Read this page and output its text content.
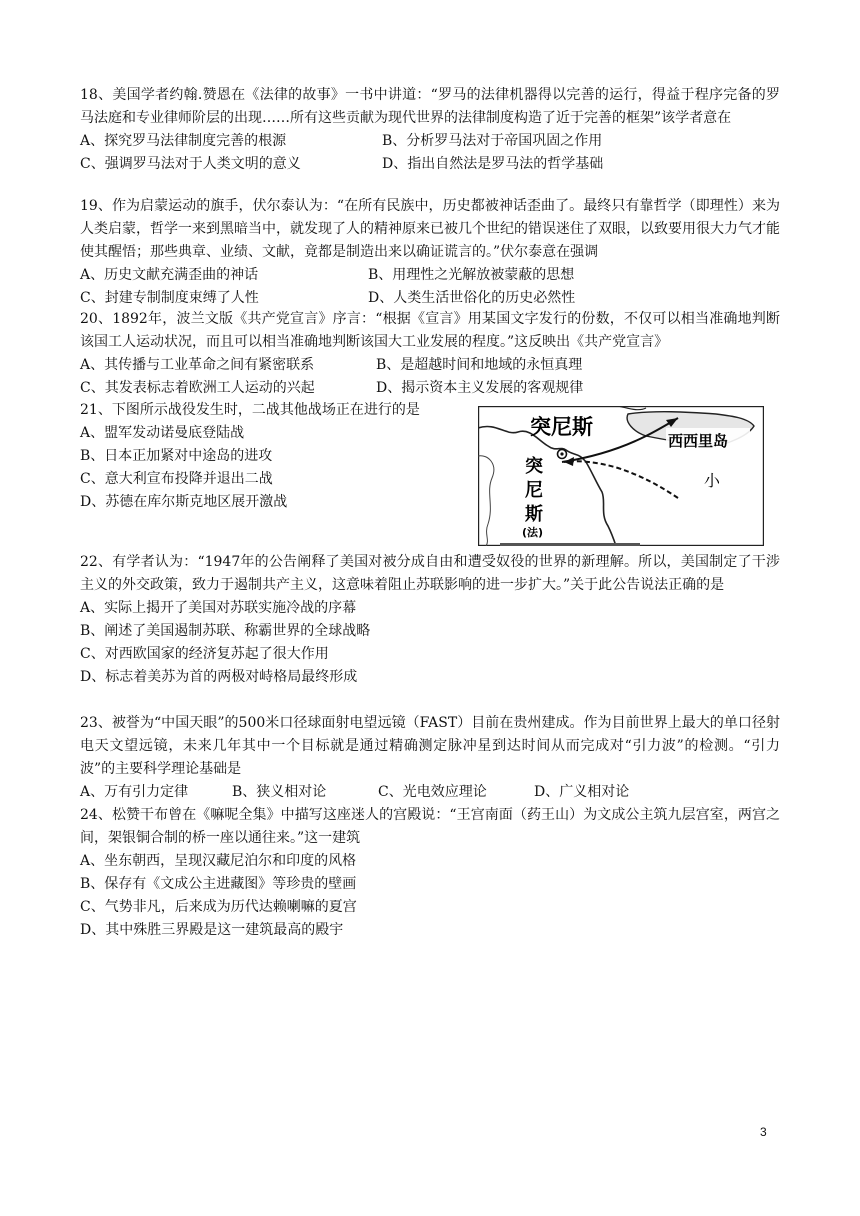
18、美国学者约翰.赞恩在《法律的故事》一书中讲道：“罗马的法律机器得以完善的运行，得益于程序完备的罗马法庭和专业律师阶层的出现……所有这些贡献为现代世界的法律制度构造了近于完善的框架”该学者意在

A、探究罗马法律制度完善的根源	B、分析罗马法对于帝国巩固之作用
C、强调罗马法对于人类文明的意义	D、指出自然法是罗马法的哲学基础

19、作为启蒙运动的旗手，伏尔泰认为：“在所有民族中，历史都被神话歪曲了。最终只有靠哲学（即理性）来为人类启蒙，哲学一来到黑暗当中，就发现了人的精神原来已被几个世纪的错误迷住了双眼，以致要用很大力气才能使其醒悟；那些典章、业绩、文献，竟都是制造出来以确证谎言的。”伏尔泰意在强调

A、历史文献充满歪曲的神话	B、用理性之光解放被蒙蔽的思想
C、封建专制制度束缚了人性	D、人类生活世俗化的历史必然性

20、1892年，波兰文版《共产党宣言》序言：“根据《宣言》用某国文字发行的份数，不仅可以相当准确地判断该国工人运动状况，而且可以相当准确地判断该国大工业发展的程度。”这反映出《共产党宣言》

A、其传播与工业革命之间有紧密联系	B、是超越时间和地域的永恒真理
C、其发表标志着欧洲工人运动的兴起	D、揭示资本主义发展的客观规律

21、下图所示战役发生时，二战其他战场正在进行的是

A、盟军发动诺曼底登陆战

B、日本正加紧对中途岛的进攻

C、意大利宣布投降并退出二战

D、苏德在库尔斯克地区展开激战

突尼斯
西西里岛
突
尼
斯
(法)
小

22、有学者认为：“1947年的公告阐释了美国对被分成自由和遭受奴役的世界的新理解。所以，美国制定了干涉主义的外交政策，致力于遏制共产主义，这意味着阻止苏联影响的进一步扩大。”关于此公告说法正确的是

A、实际上揭开了美国对苏联实施冷战的序幕

B、阐述了美国遏制苏联、称霸世界的全球战略

C、对西欧国家的经济复苏起了很大作用

D、标志着美苏为首的两极对峙格局最终形成

23、被誉为“中国天眼”的500米口径球面射电望远镜（FAST）目前在贵州建成。作为目前世界上最大的单口径射电天文望远镜，未来几年其中一个目标就是通过精确测定脉冲星到达时间从而完成对“引力波”的检测。“引力波”的主要科学理论基础是

A、万有引力定律	B、狭义相对论	C、光电效应理论	D、广义相对论

24、松赞干布曾在《嘛呢全集》中描写这座迷人的宫殿说：“王宫南面（药王山）为文成公主筑九层宫室，两宫之间，架银铜合制的桥一座以通往来。”这一建筑

A、坐东朝西，呈现汉藏尼泊尔和印度的风格

B、保存有《文成公主进藏图》等珍贵的壁画

C、气势非凡，后来成为历代达赖喇嘛的夏宫

D、其中殊胜三界殿是这一建筑最高的殿宇

3
